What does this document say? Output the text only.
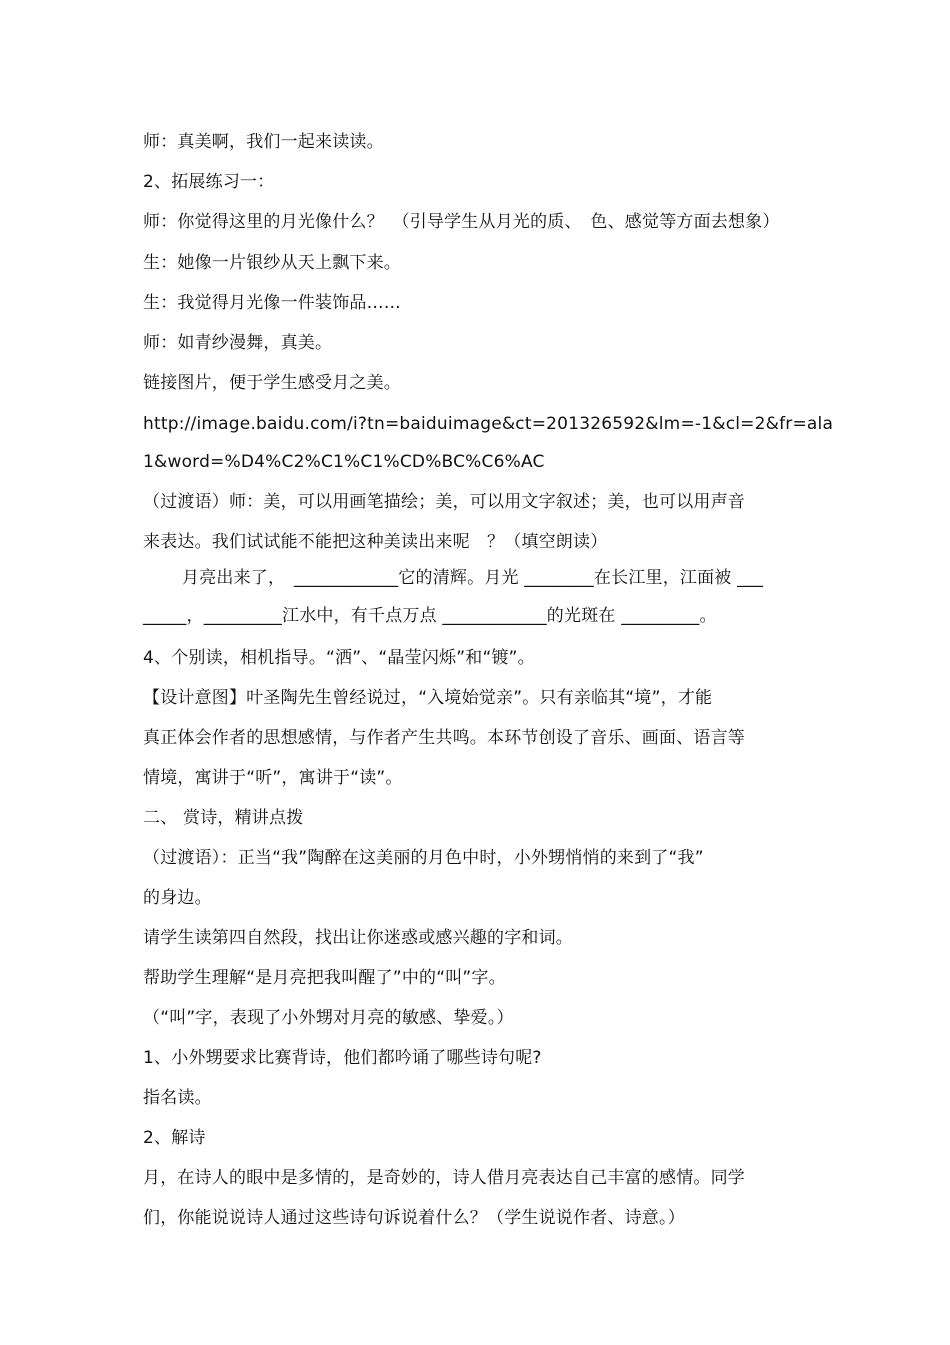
师：真美啊，我们一起来读读。
2、拓展练习一：
师：你觉得这里的月光像什么？　（引导学生从月光的质、　色、感觉等方面去想象）
生：她像一片银纱从天上飘下来。
生：我觉得月光像一件装饰品……
师：如青纱漫舞，真美。
链接图片，便于学生感受月之美。
http://image.baidu.com/i?tn=baiduimage&ct=201326592&lm=-1&cl=2&fr=ala
1&word=%D4%C2%C1%C1%CD%BC%C6%AC
（过渡语）师：美，可以用画笔描绘；美，可以用文字叙述；美，也可以用声音
来表达。我们试试能不能把这种美读出来呢　？（填空朗读）
月亮出来了，　____________它的清辉。月光 ________在长江里，江面被 ___
_____，_________江水中，有千点万点 ____________的光斑在 _________。
4、个别读，相机指导。“洒”、“晶莹闪烁”和“镀”。
【设计意图】叶圣陶先生曾经说过，“入境始觉亲”。只有亲临其“境”，才能
真正体会作者的思想感情，与作者产生共鸣。本环节创设了音乐、画面、语言等
情境，寓讲于“听”，寓讲于“读”。
二、 赏诗，精讲点拨
（过渡语）：正当“我”陶醉在这美丽的月色中时，小外甥悄悄的来到了“我”
的身边。
请学生读第四自然段，找出让你迷惑或感兴趣的字和词。
帮助学生理解“是月亮把我叫醒了”中的“叫”字。
（“叫”字，表现了小外甥对月亮的敏感、挚爱。）
1、小外甥要求比赛背诗，他们都吟诵了哪些诗句呢?
指名读。
2、解诗
月，在诗人的眼中是多情的，是奇妙的，诗人借月亮表达自己丰富的感情。同学
们，你能说说诗人通过这些诗句诉说着什么？（学生说说作者、诗意。）
